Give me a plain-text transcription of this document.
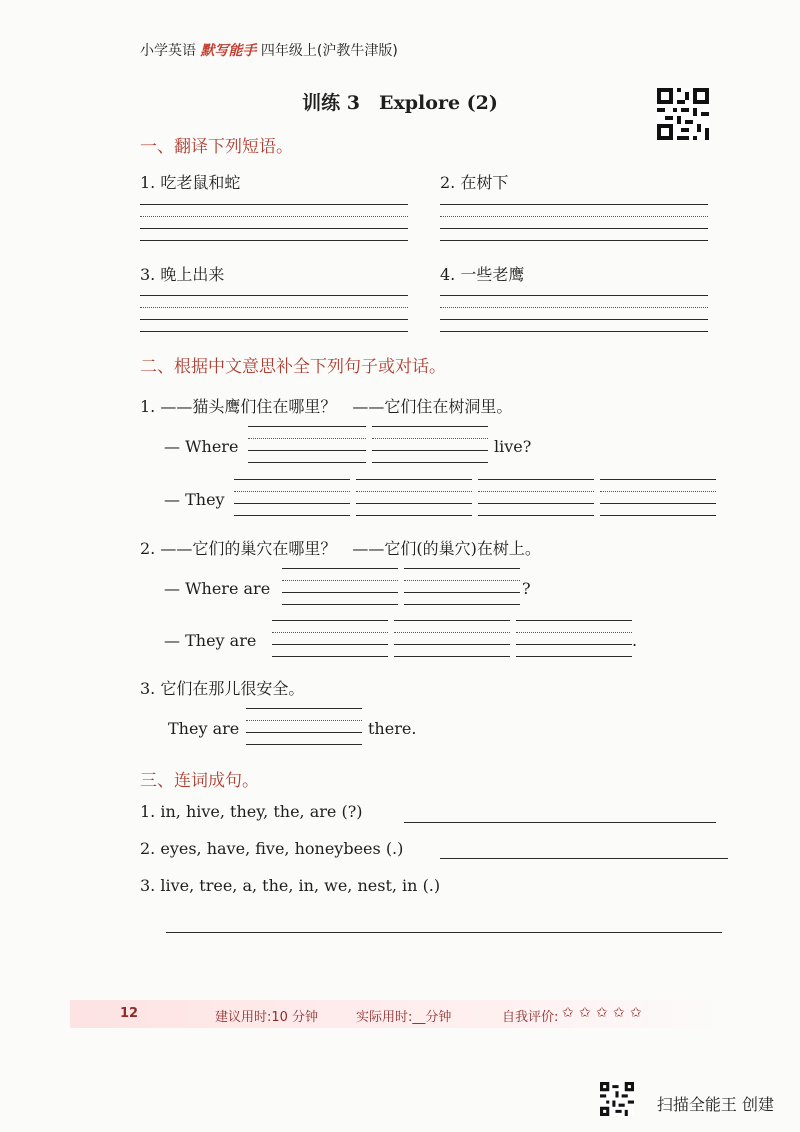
小学英语 默写能手 四年级上(沪教牛津版)
训练 3　Explore (2)
一、翻译下列短语。
1. 吃老鼠和蛇	2. 在树下
3. 晚上出来	4. 一些老鹰
二、根据中文意思补全下列句子或对话。
1. ——猫头鹰们住在哪里？　——它们住在树洞里。
— Where	live?
— They
2. ——它们的巢穴在哪里？　——它们(的巢穴)在树上。
— Where are	?
— They are	.
3. 它们在那儿很安全。
They are	there.
三、连词成句。
1. in, hive, they, the, are (?)
2. eyes, have, five, honeybees (.)
3. live, tree, a, the, in, we, nest, in (.)
12	建议用时:10 分钟	实际用时:__分钟	自我评价: ✩ ✩ ✩ ✩ ✩
扫描全能王 创建
